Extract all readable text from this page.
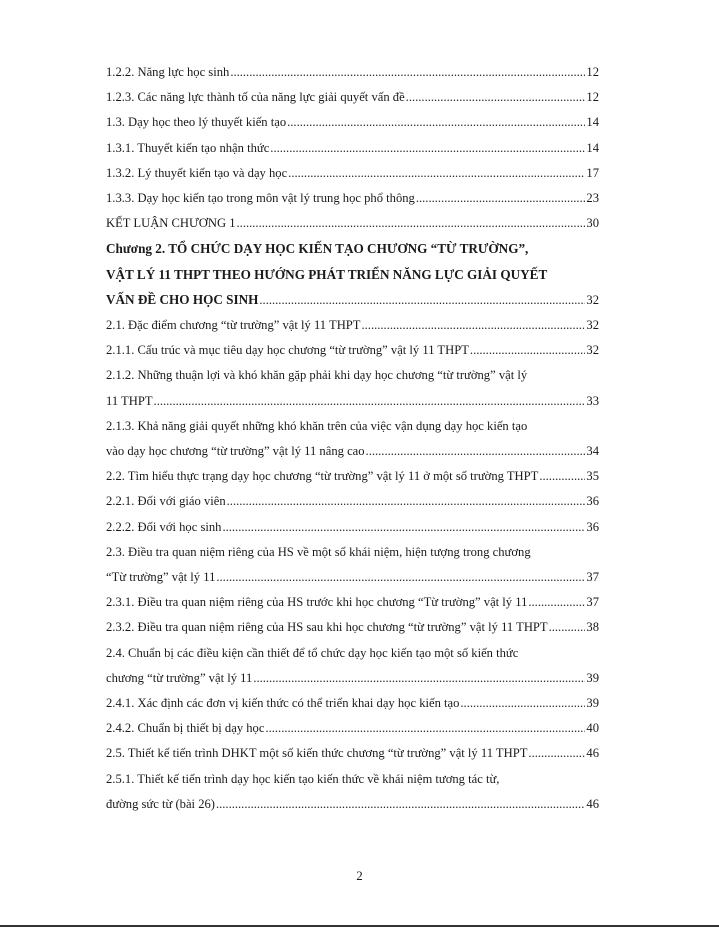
1.2.2. Năng lực học sinh .....	12
1.2.3. Các năng lực thành tố của năng lực giải quyết vấn đề .....	12
1.3. Dạy học theo lý thuyết kiến tạo .....	14
1.3.1. Thuyết kiến tạo nhận thức .....	14
1.3.2. Lý thuyết kiến tạo và dạy học .....	17
1.3.3. Dạy học kiến tạo trong môn vật lý trung học phổ thông .....	23
KẾT LUẬN CHƯƠNG 1 .....	30
Chương 2. TỔ CHỨC DẠY HỌC KIẾN TẠO CHƯƠNG “TỪ TRƯỜNG”,
VẬT LÝ 11 THPT THEO HƯỚNG PHÁT TRIỂN NĂNG LỰC GIẢI QUYẾT
VẤN ĐỀ CHO HỌC SINH .....	32
2.1. Đặc điểm chương “từ trường” vật lý 11 THPT .....	32
2.1.1. Cấu trúc và mục tiêu dạy học chương “từ trường” vật lý 11 THPT .....	32
2.1.2. Những thuận lợi và khó khăn gặp phải khi dạy học chương “từ trường” vật lý
11 THPT .....	33
2.1.3. Khả năng giải quyết những khó khăn trên của việc vận dụng dạy học kiến tạo
vào dạy học chương “từ trường” vật lý 11 nâng cao .....	34
2.2. Tìm hiểu thực trạng dạy học chương “từ trường” vật lý 11 ở một số trường THPT .....	35
2.2.1. Đối với giáo viên .....	36
2.2.2. Đối với học sinh .....	36
2.3. Điều tra quan niệm riêng của HS về một số khái niệm, hiện tượng trong chương
“Từ trường” vật lý 11 .....	37
2.3.1. Điều tra quan niệm riêng của HS trước khi học chương “Từ trường” vật lý 11 .....	37
2.3.2. Điều tra quan niệm riêng của HS sau khi học chương “từ trường” vật lý 11 THPT .....	38
2.4. Chuẩn bị các điều kiện cần thiết để tổ chức dạy học kiến tạo một số kiến thức
chương “từ trường” vật lý 11 .....	39
2.4.1. Xác định các đơn vị kiến thức có thể triển khai dạy học kiến tạo .....	39
2.4.2. Chuẩn bị thiết bị dạy học .....	40
2.5. Thiết kế tiến trình DHKT một số kiến thức chương “từ trường” vật lý 11 THPT .....	46
2.5.1. Thiết kế tiến trình dạy học kiến tạo kiến thức về khái niệm tương tác từ,
đường sức từ (bài 26) .....	46
2
